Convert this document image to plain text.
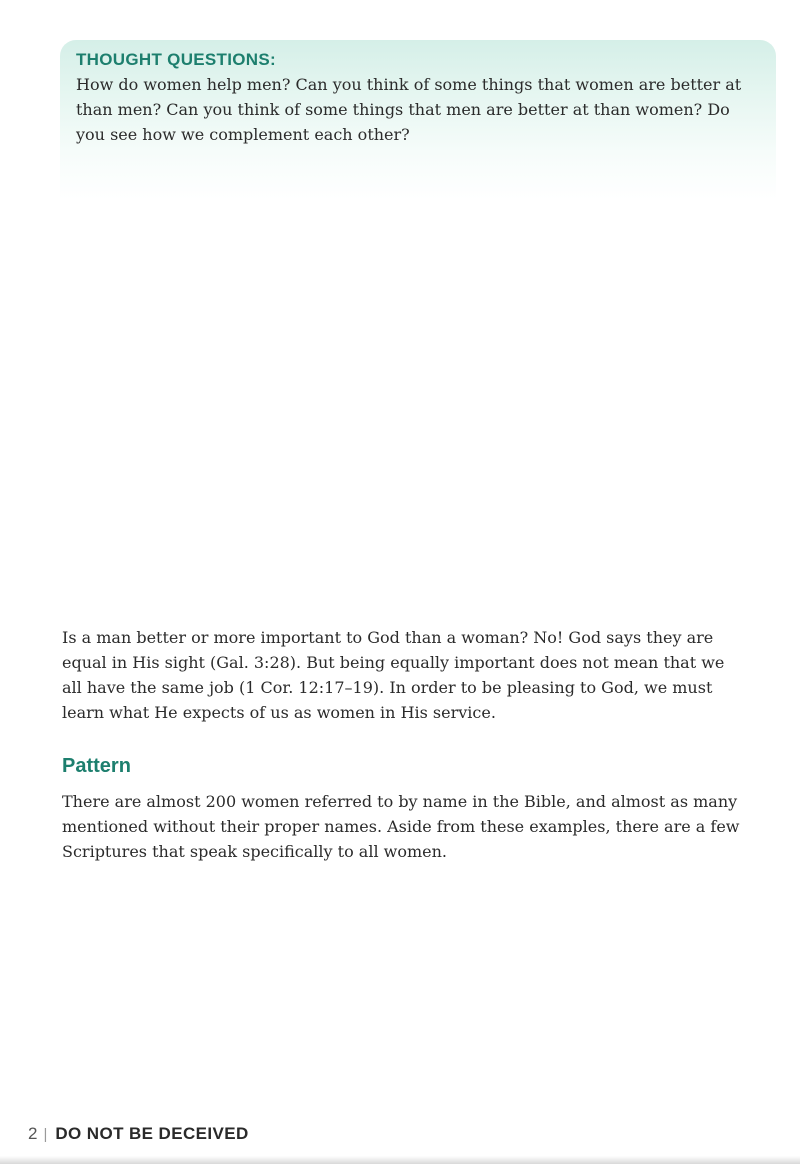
THOUGHT QUESTIONS:

How do women help men? Can you think of some things that women are better at than men? Can you think of some things that men are better at than women? Do you see how we complement each other?

Is a man better or more important to God than a woman? No! God says they are equal in His sight (Gal. 3:28). But being equally important does not mean that we all have the same job (1 Cor. 12:17–19). In order to be pleasing to God, we must learn what He expects of us as women in His service.

Pattern

There are almost 200 women referred to by name in the Bible, and almost as many mentioned without their proper names. Aside from these examples, there are a few Scriptures that speak specifically to all women.

2 | DO NOT BE DECEIVED
